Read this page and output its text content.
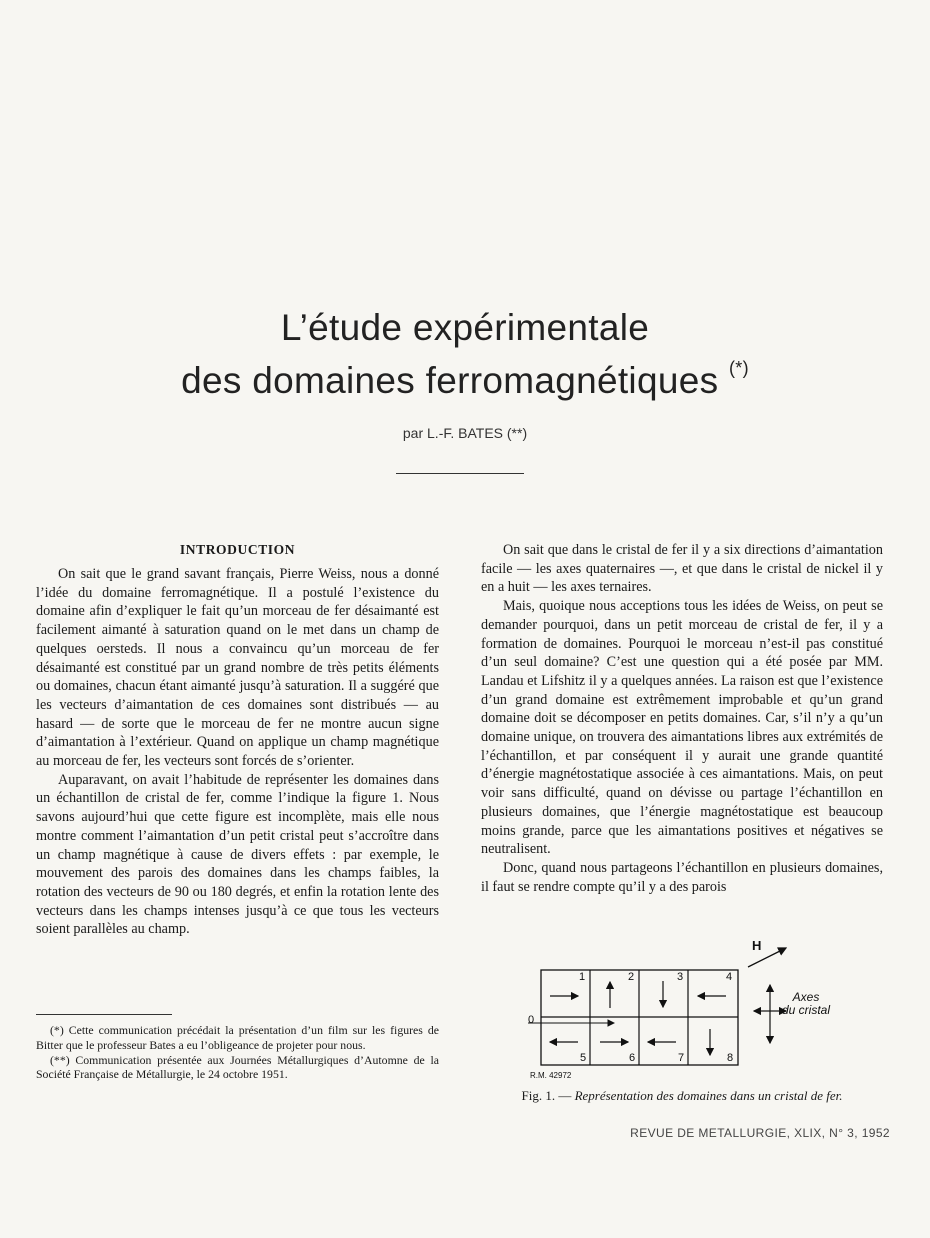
L’étude expérimentale
des domaines ferromagnétiques (*)
par L.-F. BATES (**)
INTRODUCTION

On sait que le grand savant français, Pierre Weiss, nous a donné l’idée du domaine ferromagnétique. Il a postulé l’existence du domaine afin d’expliquer le fait qu’un morceau de fer désaimanté est facilement aimanté à saturation quand on le met dans un champ de quelques oersteds. Il nous a convaincu qu’un morceau de fer désaimanté est constitué par un grand nombre de très petits éléments ou domaines, chacun étant aimanté jusqu’à saturation. Il a suggéré que les vecteurs d’aimantation de ces domaines sont distribués — au hasard — de sorte que le morceau de fer ne montre aucun signe d’aimantation à l’extérieur. Quand on applique un champ magnétique au morceau de fer, les vecteurs sont forcés de s’orienter.

Auparavant, on avait l’habitude de représenter les domaines dans un échantillon de cristal de fer, comme l’indique la figure 1. Nous savons aujourd’hui que cette figure est incomplète, mais elle nous montre comment l’aimantation d’un petit cristal peut s’accroître dans un champ magnétique à cause de divers effets : par exemple, le mouvement des parois des domaines dans les champs faibles, la rotation des vecteurs de 90 ou 180 degrés, et enfin la rotation lente des vecteurs dans les champs intenses jusqu’à ce que tous les vecteurs soient parallèles au champ.

(*) Cette communication précédait la présentation d’un film sur les figures de Bitter que le professeur Bates a eu l’obligeance de projeter pour nous.

(**) Communication présentée aux Journées Métallurgiques d’Automne de la Société Française de Métallurgie, le 24 octobre 1951.

On sait que dans le cristal de fer il y a six directions d’aimantation facile — les axes quaternaires —, et que dans le cristal de nickel il y en a huit — les axes ternaires.

Mais, quoique nous acceptions tous les idées de Weiss, on peut se demander pourquoi, dans un petit morceau de cristal de fer, il y a formation de domaines. Pourquoi le morceau n’est-il pas constitué d’un seul domaine? C’est une question qui a été posée par MM. Landau et Lifshitz il y a quelques années. La raison est que l’existence d’un grand domaine est extrêmement improbable et qu’un grand domaine doit se décomposer en petits domaines. Car, s’il n’y a qu’un domaine unique, on trouvera des aimantations libres aux extrémités de l’échantillon, et par conséquent il y aurait une grande quantité d’énergie magnétostatique associée à ces aimantations. Mais, on peut voir sans difficulté, quand on dévisse ou partage l’échantillon en plusieurs domaines, que l’énergie magnétostatique est beaucoup moins grande, parce que les aimantations positives et négatives se neutralisent.

Donc, quand nous partageons l’échantillon en plusieurs domaines, il faut se rendre compte qu’il y a des parois

H
0
1	2	3	4
5	6	7	8
Axes
du cristal
R.M. 42972
Fig. 1. — Représentation des domaines dans un cristal de fer.
REVUE DE METALLURGIE, XLIX, N° 3, 1952
